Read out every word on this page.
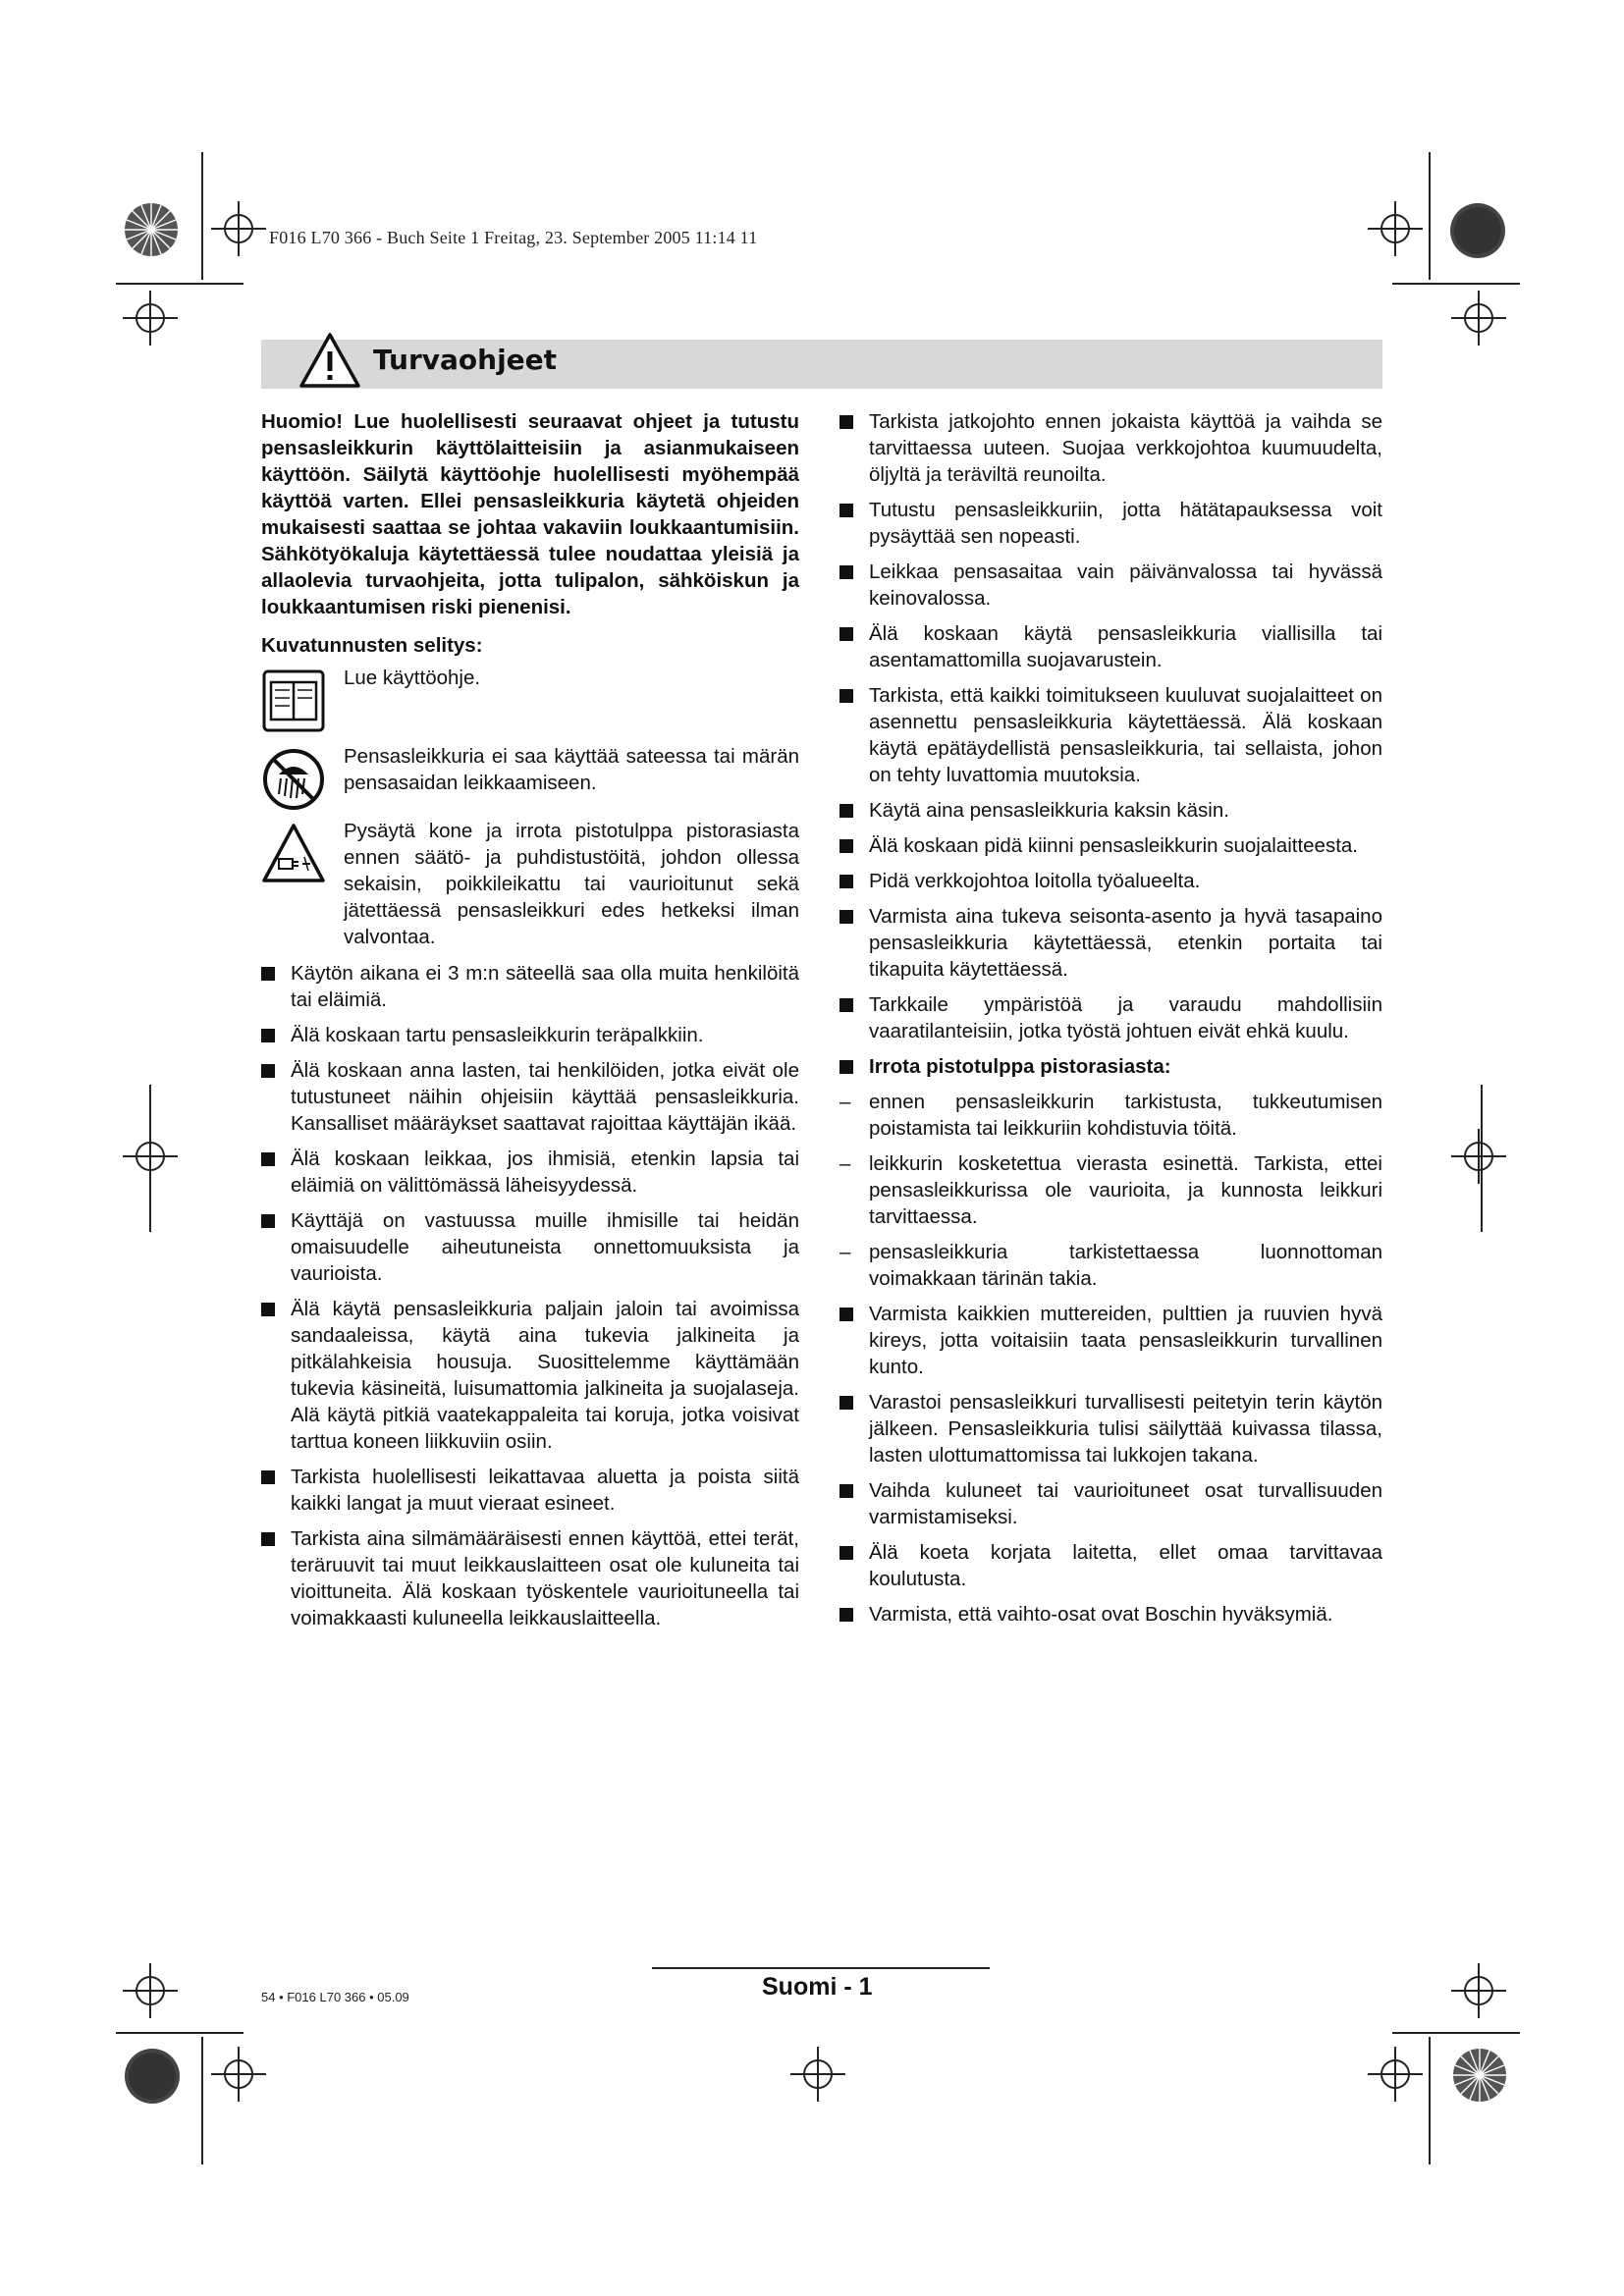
F016 L70 366 - Buch Seite 1 Freitag, 23. September 2005 11:14 11
Turvaohjeet
Huomio! Lue huolellisesti seuraavat ohjeet ja tutustu pensasleikkurin käyttölaitteisiin ja asianmukaiseen käyttöön. Säilytä käyttöohje huolellisesti myöhempää käyttöä varten. Ellei pensasleikkuria käytetä ohjeiden mukaisesti saattaa se johtaa vakaviin loukkaantumisiin. Sähkötyökaluja käytettäessä tulee noudattaa yleisiä ja allaolevia turvaohjeita, jotta tulipalon, sähköiskun ja loukkaantumisen riski pienenisi.
Kuvatunnusten selitys:
Lue käyttöohje.
Pensasleikkuria ei saa käyttää sateessa tai märän pensasaidan leikkaamiseen.
Pysäytä kone ja irrota pistotulppa pistorasiasta ennen säätö- ja puhdistustöitä, johdon ollessa sekaisin, poikkileikattu tai vaurioitunut sekä jätettäessä pensasleikkuri edes hetkeksi ilman valvontaa.
Käytön aikana ei 3 m:n säteellä saa olla muita henkilöitä tai eläimiä.
Älä koskaan tartu pensasleikkurin teräpalkkiin.
Älä koskaan anna lasten, tai henkilöiden, jotka eivät ole tutustuneet näihin ohjeisiin käyttää pensasleikkuria. Kansalliset määräykset saattavat rajoittaa käyttäjän ikää.
Älä koskaan leikkaa, jos ihmisiä, etenkin lapsia tai eläimiä on välittömässä läheisyydessä.
Käyttäjä on vastuussa muille ihmisille tai heidän omaisuudelle aiheutuneista onnettomuuksista ja vaurioista.
Älä käytä pensasleikkuria paljain jaloin tai avoimissa sandaaleissa, käytä aina tukevia jalkineita ja pitkälahkeisia housuja. Suosittelemme käyttämään tukevia käsineitä, luisumattomia jalkineita ja suojalaseja. Alä käytä pitkiä vaatekappaleita tai koruja, jotka voisivat tarttua koneen liikkuviin osiin.
Tarkista huolellisesti leikattavaa aluetta ja poista siitä kaikki langat ja muut vieraat esineet.
Tarkista aina silmämääräisesti ennen käyttöä, ettei terät, teräruuvit tai muut leikkauslaitteen osat ole kuluneita tai vioittuneita. Älä koskaan työskentele vaurioituneella tai voimakkaasti kuluneella leikkauslaitteella.
Tarkista jatkojohto ennen jokaista käyttöä ja vaihda se tarvittaessa uuteen. Suojaa verkkojohtoa kuumuudelta, öljyltä ja teräviltä reunoilta.
Tutustu pensasleikkuriin, jotta hätätapauksessa voit pysäyttää sen nopeasti.
Leikkaa pensasaitaa vain päivänvalossa tai hyvässä keinovalossa.
Älä koskaan käytä pensasleikkuria viallisilla tai asentamattomilla suojavarustein.
Tarkista, että kaikki toimitukseen kuuluvat suojalaitteet on asennettu pensasleikkuria käytettäessä. Älä koskaan käytä epätäydellistä pensasleikkuria, tai sellaista, johon on tehty luvattomia muutoksia.
Käytä aina pensasleikkuria kaksin käsin.
Älä koskaan pidä kiinni pensasleikkurin suojalaitteesta.
Pidä verkkojohtoa loitolla työalueelta.
Varmista aina tukeva seisonta-asento ja hyvä tasapaino pensasleikkuria käytettäessä, etenkin portaita tai tikapuita käytettäessä.
Tarkkaile ympäristöä ja varaudu mahdollisiin vaaratilanteisiin, jotka työstä johtuen eivät ehkä kuulu.
Irrota pistotulppa pistorasiasta:
– ennen pensasleikkurin tarkistusta, tukkeutumisen poistamista tai leikkuriin kohdistuvia töitä.
– leikkurin kosketettua vierasta esinettä. Tarkista, ettei pensasleikkurissa ole vaurioita, ja kunnosta leikkuri tarvittaessa.
– pensasleikkuria tarkistettaessa luonnottoman voimakkaan tärinän takia.
Varmista kaikkien muttereiden, pulttien ja ruuvien hyvä kireys, jotta voitaisiin taata pensasleikkurin turvallinen kunto.
Varastoi pensasleikkuri turvallisesti peitetyin terin käytön jälkeen. Pensasleikkuria tulisi säilyttää kuivassa tilassa, lasten ulottumattomissa tai lukkojen takana.
Vaihda kuluneet tai vaurioituneet osat turvallisuuden varmistamiseksi.
Älä koeta korjata laitetta, ellet omaa tarvittavaa koulutusta.
Varmista, että vaihto-osat ovat Boschin hyväksymiä.
54 • F016 L70 366 • 05.09	Suomi - 1
